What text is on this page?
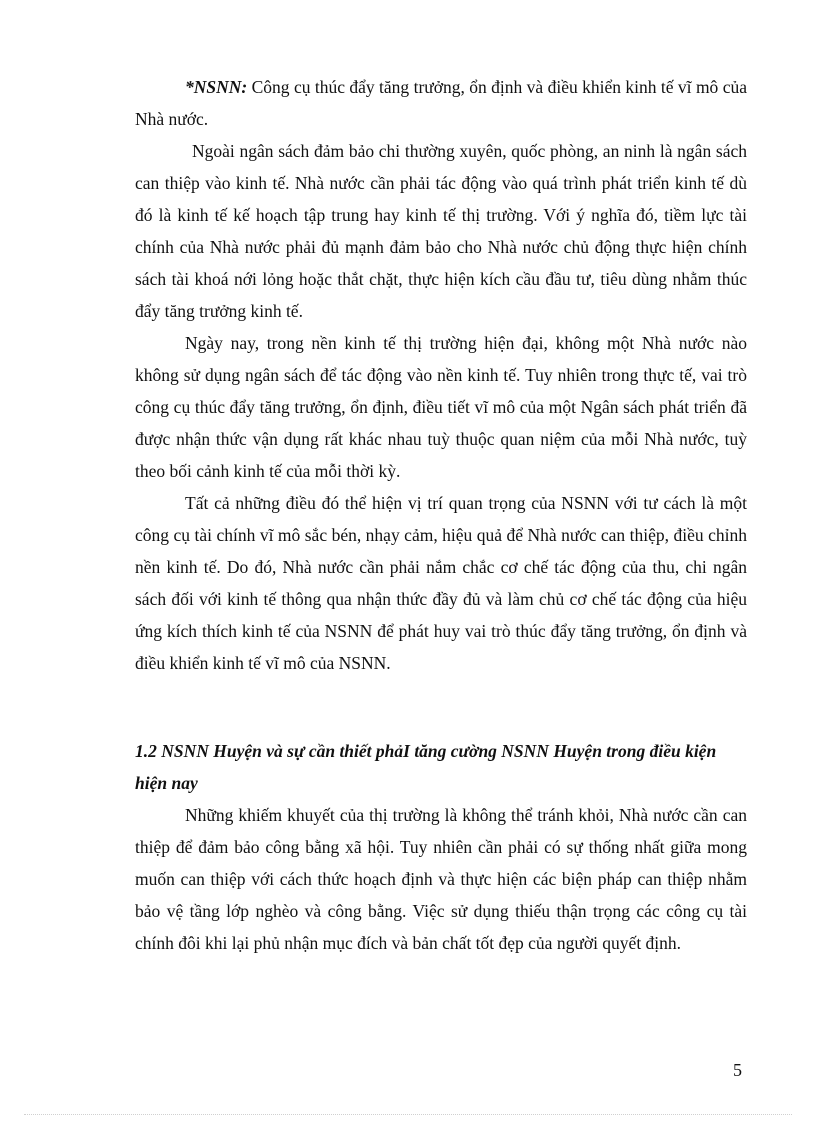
*NSNN: Công cụ thúc đẩy tăng trưởng, ổn định và điều khiển kinh tế vĩ mô của Nhà nước.

Ngoài ngân sách đảm bảo chi thường xuyên, quốc phòng, an ninh là ngân sách can thiệp vào kinh tế. Nhà nước cần phải tác động vào quá trình phát triển kinh tế dù đó là kinh tế kế hoạch tập trung hay kinh tế thị trường. Với ý nghĩa đó, tiềm lực tài chính của Nhà nước phải đủ mạnh đảm bảo cho Nhà nước chủ động thực hiện chính sách tài khoá nới lỏng hoặc thắt chặt, thực hiện kích cầu đầu tư, tiêu dùng nhằm thúc đẩy tăng trưởng kinh tế.

Ngày nay, trong nền kinh tế thị trường hiện đại, không một Nhà nước nào không sử dụng ngân sách để tác động vào nền kinh tế. Tuy nhiên trong thực tế, vai trò công cụ thúc đẩy tăng trưởng, ổn định, điều tiết vĩ mô của một Ngân sách phát triển đã được nhận thức vận dụng rất khác nhau tuỳ thuộc quan niệm của mỗi Nhà nước, tuỳ theo bối cảnh kinh tế của mỗi thời kỳ.

Tất cả những điều đó thể hiện vị trí quan trọng của NSNN với tư cách là một công cụ tài chính vĩ mô sắc bén, nhạy cảm, hiệu quả để Nhà nước can thiệp, điều chỉnh nền kinh tế. Do đó, Nhà nước cần phải nắm chắc cơ chế tác động của thu, chi ngân sách đối với kinh tế thông qua nhận thức đầy đủ và làm chủ cơ chế tác động của hiệu ứng kích thích kinh tế của NSNN để phát huy vai trò thúc đẩy tăng trưởng, ổn định và điều khiển kinh tế vĩ mô của NSNN.

1.2 NSNN Huyện và sự cần thiết phảI tăng cường NSNN Huyện trong điều kiện hiện nay

Những khiếm khuyết của thị trường là không thể tránh khỏi, Nhà nước cần can thiệp để đảm bảo công bằng xã hội. Tuy nhiên cần phải có sự thống nhất giữa mong muốn can thiệp với cách thức hoạch định và thực hiện các biện pháp can thiệp nhằm bảo vệ tầng lớp nghèo và công bằng. Việc sử dụng thiếu thận trọng các công cụ tài chính đôi khi lại phủ nhận mục đích và bản chất tốt đẹp của người quyết định.

5
